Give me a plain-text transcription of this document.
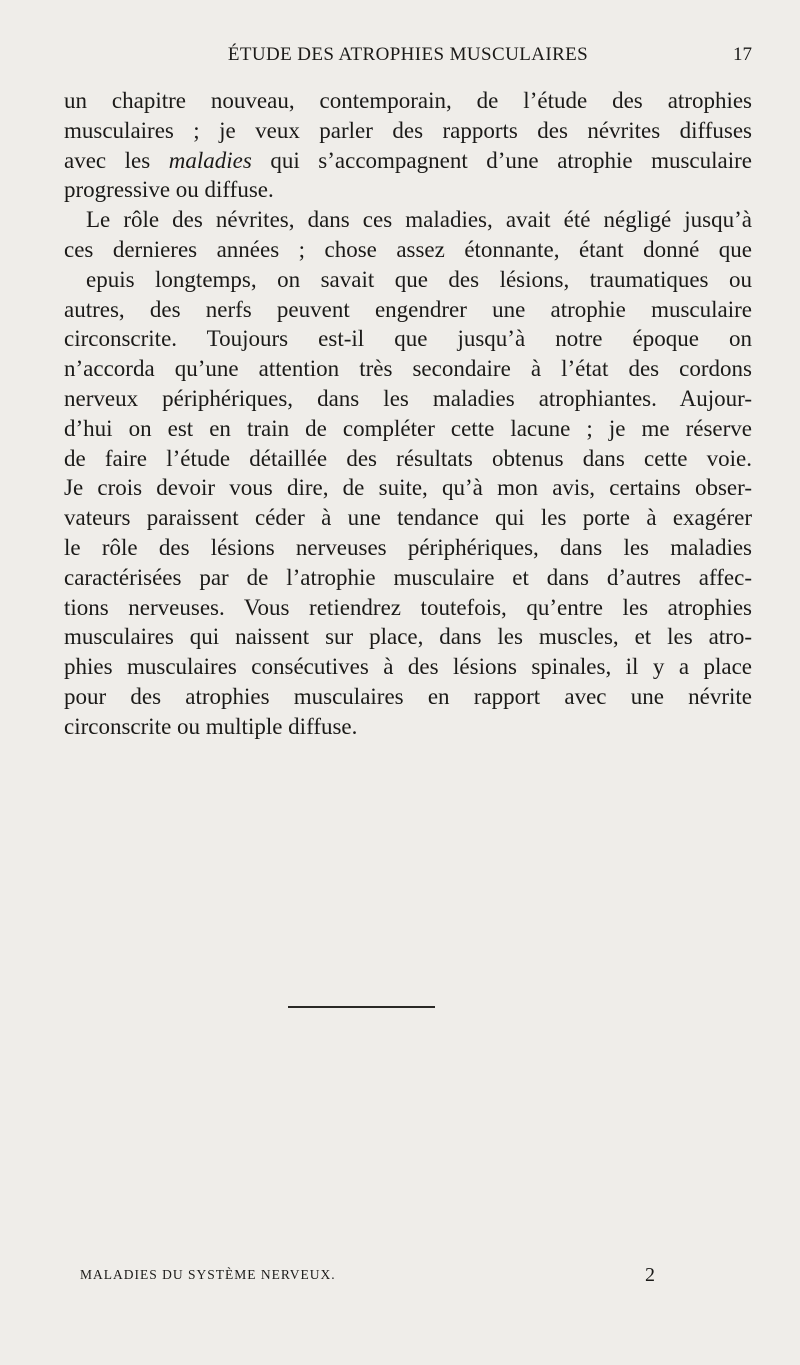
ÉTUDE DES ATROPHIES MUSCULAIRES	17
un chapitre nouveau, contemporain, de l’étude des atrophies
musculaires ; je veux parler des rapports des névrites diffuses
avec les maladies qui s’accompagnent d’une atrophie musculaire
progressive ou diffuse.
Le rôle des névrites, dans ces maladies, avait été négligé jusqu’à
ces dernieres années ; chose assez étonnante, étant donné que
epuis longtemps, on savait que des lésions, traumatiques ou
autres, des nerfs peuvent engendrer une atrophie musculaire
circonscrite. Toujours est-il que jusqu’à notre époque on
n’accorda qu’une attention très secondaire à l’état des cordons
nerveux périphériques, dans les maladies atrophiantes. Aujour-
d’hui on est en train de compléter cette lacune ; je me réserve
de faire l’étude détaillée des résultats obtenus dans cette voie.
Je crois devoir vous dire, de suite, qu’à mon avis, certains obser-
vateurs paraissent céder à une tendance qui les porte à exagérer
le rôle des lésions nerveuses périphériques, dans les maladies
caractérisées par de l’atrophie musculaire et dans d’autres affec-
tions nerveuses. Vous retiendrez toutefois, qu’entre les atrophies
musculaires qui naissent sur place, dans les muscles, et les atro-
phies musculaires consécutives à des lésions spinales, il y a place
pour des atrophies musculaires en rapport avec une névrite
circonscrite ou multiple diffuse.
MALADIES DU SYSTÈME NERVEUX.	2
